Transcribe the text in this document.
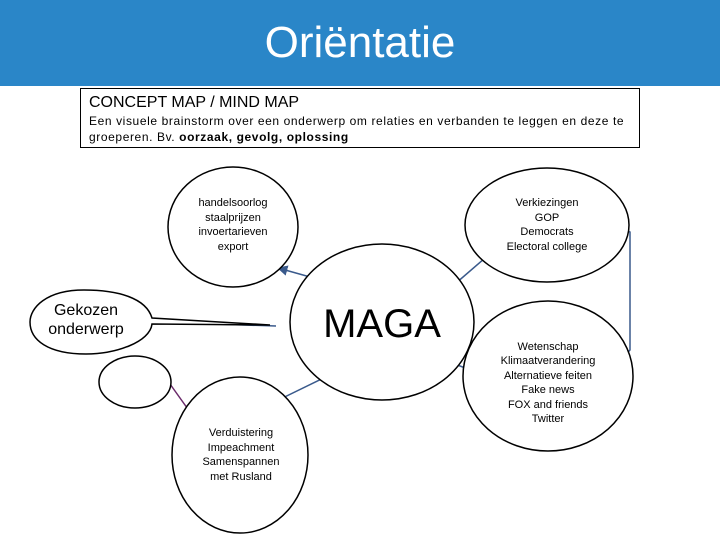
Oriëntatie
CONCEPT MAP / MIND MAP
Een visuele brainstorm over een onderwerp om relaties en verbanden te leggen en deze te groeperen. Bv. oorzaak, gevolg, oplossing
MAGA
Gekozen
onderwerp
handelsoorlog
staalprijzen
invoertarieven
export
Verkiezingen
GOP
Democrats
Electoral college
Wetenschap
Klimaatverandering
Alternatieve feiten
Fake news
FOX and friends
Twitter
Verduistering
Impeachment
Samenspannen
met Rusland
